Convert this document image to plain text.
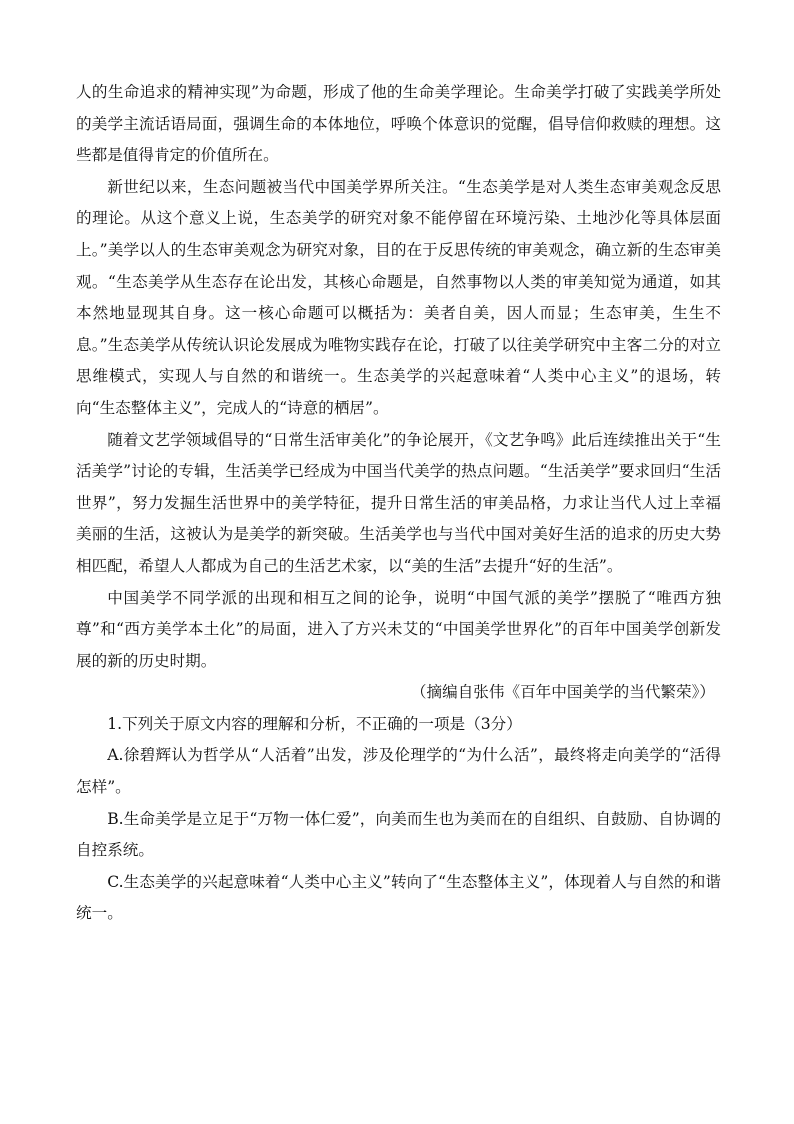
人的生命追求的精神实现”为命题，形成了他的生命美学理论。生命美学打破了实践美学所处的美学主流话语局面，强调生命的本体地位，呼唤个体意识的觉醒，倡导信仰救赎的理想。这些都是值得肯定的价值所在。

新世纪以来，生态问题被当代中国美学界所关注。“生态美学是对人类生态审美观念反思的理论。从这个意义上说，生态美学的研究对象不能停留在环境污染、土地沙化等具体层面上。”美学以人的生态审美观念为研究对象，目的在于反思传统的审美观念，确立新的生态审美观。“生态美学从生态存在论出发，其核心命题是，自然事物以人类的审美知觉为通道，如其本然地显现其自身。这一核心命题可以概括为：美者自美，因人而显；生态审美，生生不息。”生态美学从传统认识论发展成为唯物实践存在论，打破了以往美学研究中主客二分的对立思维模式，实现人与自然的和谐统一。生态美学的兴起意味着“人类中心主义”的退场，转向“生态整体主义”，完成人的“诗意的栖居”。

随着文艺学领域倡导的“日常生活审美化”的争论展开，《文艺争鸣》此后连续推出关于“生活美学”讨论的专辑，生活美学已经成为中国当代美学的热点问题。“生活美学”要求回归“生活世界”，努力发掘生活世界中的美学特征，提升日常生活的审美品格，力求让当代人过上幸福美丽的生活，这被认为是美学的新突破。生活美学也与当代中国对美好生活的追求的历史大势相匹配，希望人人都成为自己的生活艺术家，以“美的生活”去提升“好的生活”。

中国美学不同学派的出现和相互之间的论争，说明“中国气派的美学”摆脱了“唯西方独尊”和“西方美学本土化”的局面，进入了方兴未艾的“中国美学世界化”的百年中国美学创新发展的新的历史时期。

（摘编自张伟《百年中国美学的当代繁荣》）

1.下列关于原文内容的理解和分析，不正确的一项是（3分）

A.徐碧辉认为哲学从“人活着”出发，涉及伦理学的“为什么活”，最终将走向美学的“活得怎样”。

B.生命美学是立足于“万物一体仁爱”，向美而生也为美而在的自组织、自鼓励、自协调的自控系统。

C.生态美学的兴起意味着“人类中心主义”转向了“生态整体主义”，体现着人与自然的和谐统一。
